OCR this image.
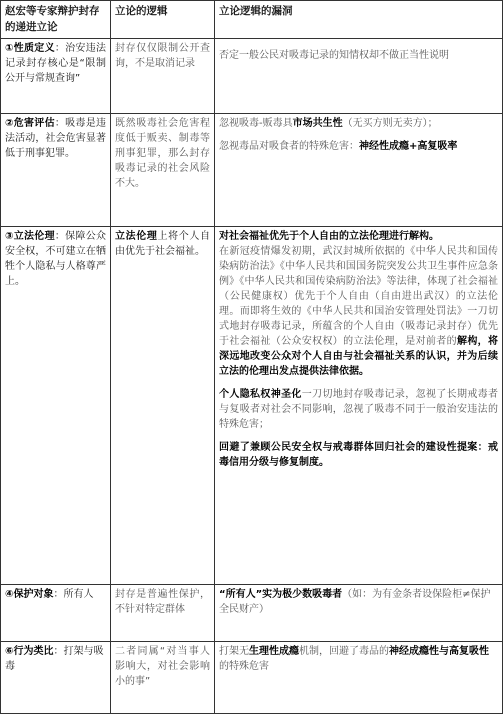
赵宏等专家辩护封存的递进立论	立论的逻辑	立论逻辑的漏洞
①性质定义：治安违法记录封存核心是“限制公开与常规查询”	封存仅仅限制公开查询，不是取消记录	否定一般公民对吸毒记录的知情权却不做正当性说明
②危害评估：吸毒是违法活动，社会危害显著低于刑事犯罪。	既然吸毒社会危害程度低于贩卖、制毒等刑事犯罪，那么封存吸毒记录的社会风险不大。	忽视吸毒-贩毒具市场共生性（无买方则无卖方）；

忽视毒品对吸食者的特殊危害：神经性成瘾+高复吸率

③立法伦理：保障公众安全权，不可建立在牺牲个人隐私与人格尊严上。	立法伦理上将个人自由优先于社会福祉。	对社会福祉优先于个人自由的立法伦理进行解构。

在新冠疫情爆发初期，武汉封城所依据的《中华人民共和国传染病防治法》《中华人民共和国国务院突发公共卫生事件应急条例》《中华人民共和国传染病防治法》等法律，体现了社会福祉（公民健康权）优先于个人自由（自由进出武汉）的立法伦理。而即将生效的《中华人民共和国治安管理处罚法》一刀切式地封存吸毒记录，所蕴含的个人自由（吸毒记录封存）优先于社会福祉（公众安权权）的立法伦理，是对前者的解构，将深远地改变公众对个人自由与社会福祉关系的认识，并为后续立法的伦理出发点提供法律依据。

个人隐私权神圣化一刀切地封存吸毒记录，忽视了长期戒毒者与复吸者对社会不同影响，忽视了吸毒不同于一般治安违法的特殊危害；

回避了兼顾公民安全权与戒毒群体回归社会的建设性提案：戒毒信用分级与修复制度。

④保护对象：所有人	封存是普遍性保护，不针对特定群体	“所有人”实为极少数吸毒者（如：为有金条者设保险柜≠保护全民财产）
⑥行为类比：打架与吸毒	二者同属“对当事人影响大，对社会影响小的事”	打架无生理性成瘾机制，回避了毒品的神经成瘾性与高复吸性的特殊危害
